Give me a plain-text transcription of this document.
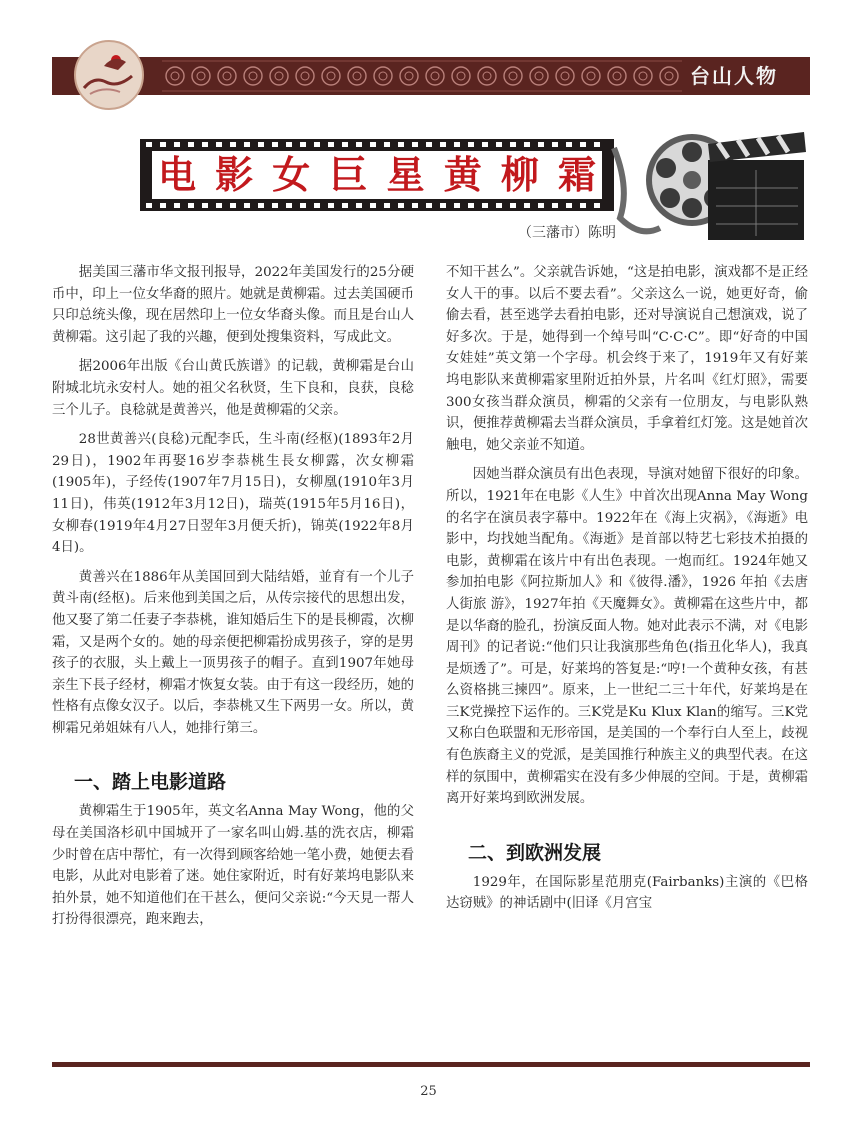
台山人物
电 影 女 巨 星 黄 柳 霜
（三藩市）陈明

据美国三藩市华文报刊报导，2022年美国发行的25分硬币中，印上一位女华裔的照片。她就是黄柳霜。过去美国硬币只印总统头像，现在居然印上一位女华裔头像。而且是台山人黄柳霜。这引起了我的兴趣，便到处搜集资料，写成此文。

据2006年出版《台山黄氏族谱》的记载，黄柳霜是台山附城北坑永安村人。她的祖父名秋贤，生下良和，良获，良稔三个儿子。良稔就是黄善兴，他是黄柳霜的父亲。

28世黄善兴(良稔)元配李氏，生斗南(经枢)(1893年2月29日)，1902年再娶16岁李恭桃生長女柳露，次女柳霜(1905年)，子经传(1907年7月15日)，女柳凰(1910年3月11日)，伟英(1912年3月12日)，瑞英(1915年5月16日)，女柳春(1919年4月27日翌年3月便夭折)，锦英(1922年8月4日)。

黄善兴在1886年从美国回到大陆结婚，並育有一个儿子黄斗南(经枢)。后来他到美国之后，从传宗接代的思想出发，他又娶了第二任妻子李恭桃，谁知婚后生下的是長柳霞，次柳霜，又是两个女的。她的母亲便把柳霜扮成男孩子，穿的是男孩子的衣服，头上戴上一顶男孩子的帽子。直到1907年她母亲生下長子经材，柳霜才恢复女装。由于有这一段经历，她的性格有点像女汉子。以后，李恭桃又生下两男一女。所以，黄柳霜兄弟姐妹有八人，她排行第三。

一、踏上电影道路

黄柳霜生于1905年，英文名Anna May Wong，他的父母在美国洛杉矶中国城开了一家名叫山姆.基的洗衣店，柳霜少时曾在店中帮忙，有一次得到顾客给她一笔小费，她便去看电影，从此对电影着了迷。她住家附近，时有好莱坞电影队来拍外景，她不知道他们在干甚么，便问父亲说:“今天見一帮人打扮得很漂亮，跑来跑去，

不知干甚么”。父亲就告诉她，“这是拍电影，演戏都不是正经女人干的事。以后不要去看”。父亲这么一说，她更好奇，偷偷去看，甚至逃学去看拍电影，还对导演说自己想演戏，说了好多次。于是，她得到一个绰号叫“C·C·C”。即“好奇的中国女娃娃”英文第一个字母。机会终于来了，1919年又有好莱坞电影队来黄柳霜家里附近拍外景，片名叫《红灯照》，需要300女孩当群众演员，柳霜的父亲有一位朋友，与电影队熟识，便推荐黄柳霜去当群众演员，手拿着红灯笼。这是她首次触电，她父亲並不知道。

因她当群众演员有出色表现，导演对她留下很好的印象。所以，1921年在电影《人生》中首次出现Anna May Wong的名字在演员表字幕中。1922年在《海上灾祸》，《海逝》电影中，均找她当配角。《海逝》是首部以特艺七彩技术拍摄的电影，黄柳霜在该片中有出色表现。一炮而红。1924年她又参加拍电影《阿拉斯加人》和《彼得.潘》，1926 年拍《去唐人街旅 游》，1927年拍《天魔舞女》。黄柳霜在这些片中，都是以华裔的脸孔，扮演反面人物。她对此表示不满，对《电影周刊》的记者说:“他们只让我演那些角色(指丑化华人)，我真是烦透了”。可是，好莱坞的答复是:“哼!一个黄种女孩，有甚么资格挑三揀四”。原来，上一世纪二三十年代，好莱坞是在三K党操控下运作的。三K党是Ku Klux Klan的缩写。三K党又称白色联盟和无形帝国，是美国的一个奉行白人至上，歧视有色族裔主义的党派，是美国推行种族主义的典型代表。在这样的氛围中，黄柳霜实在没有多少伸展的空间。于是，黄柳霜离开好莱坞到欧洲发展。

二、到欧洲发展

1929年，在国际影星范朋克(Fairbanks)主演的《巴格达窃贼》的神话剧中(旧译《月宫宝

25
